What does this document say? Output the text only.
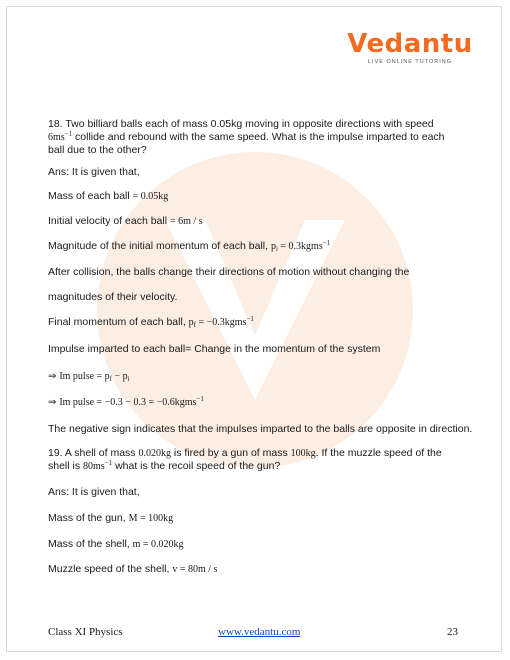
Vedantu
LIVE ONLINE TUTORING
18. Two billiard balls each of mass 0.05kg moving in opposite directions with speed $6ms^{-1}$ collide and rebound with the same speed. What is the impulse imparted to each ball due to the other?
Ans: It is given that,
Mass of each ball = 0.05kg
Initial velocity of each ball = 6m / s
Magnitude of the initial momentum of each ball, $p_i$ = 0.3kgms$^{-1}$
After collision, the balls change their directions of motion without changing the
magnitudes of their velocity.
Final momentum of each ball, $p_f$ = −0.3kgms$^{-1}$
Impulse imparted to each ball= Change in the momentum of the system
⇒ Im pulse = $p_f - p_i$
⇒ Im pulse = −0.3 − 0.3 = −0.6kgms$^{-1}$
The negative sign indicates that the impulses imparted to the balls are opposite in direction.
19. A shell of mass 0.020kg is fired by a gun of mass 100kg. If the muzzle speed of the shell is $80ms^{-1}$ what is the recoil speed of the gun?
Ans: It is given that,
Mass of the gun, M = 100kg
Mass of the shell, m = 0.020kg
Muzzle speed of the shell, v = 80m / s
Class XI Physics	www.vedantu.com	23
